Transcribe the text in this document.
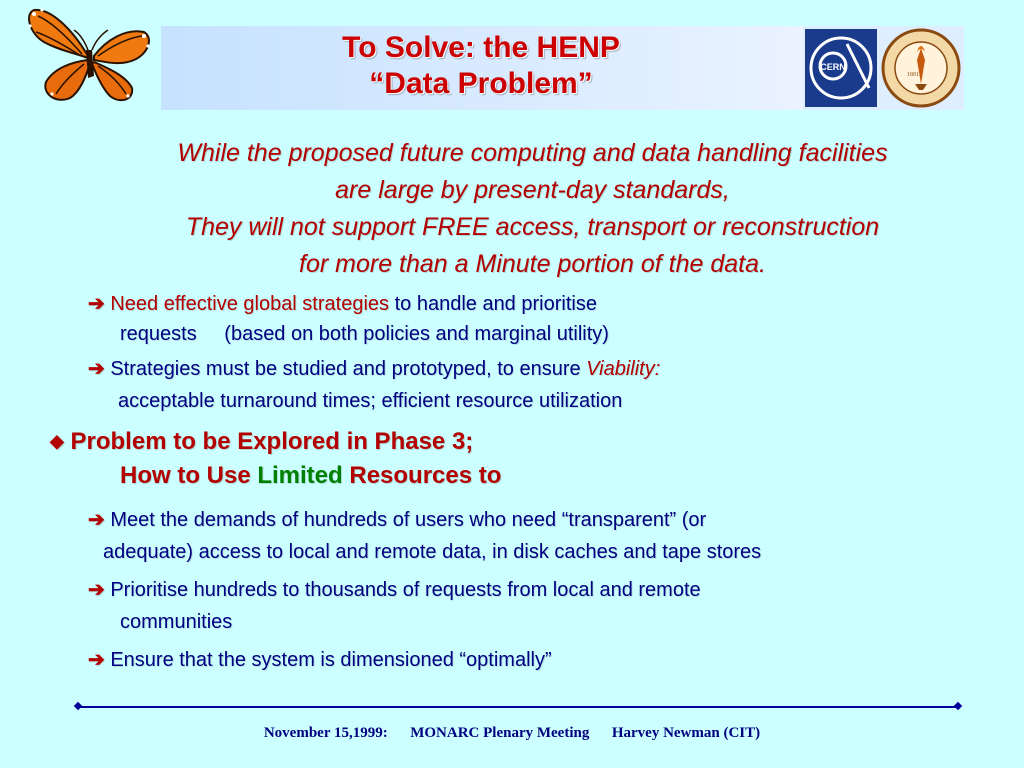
To Solve: the HENP
“Data Problem”	CERN
1891
While the proposed future computing and data handling facilities
are large by present-day standards,
They will not support FREE access, transport or reconstruction
for more than a Minute portion of the data.
➔ Need effective global strategies to handle and prioritise
requests (based on both policies and marginal utility)
➔ Strategies must be studied and prototyped, to ensure Viability:
acceptable turnaround times; efficient resource utilization
◆ Problem to be Explored in Phase 3;
How to Use Limited Resources to
➔ Meet the demands of hundreds of users who need “transparent” (or
adequate) access to local and remote data, in disk caches and tape stores
➔ Prioritise hundreds to thousands of requests from local and remote
communities
➔ Ensure that the system is dimensioned “optimally”
November 15,1999:      MONARC Plenary Meeting      Harvey Newman (CIT)
